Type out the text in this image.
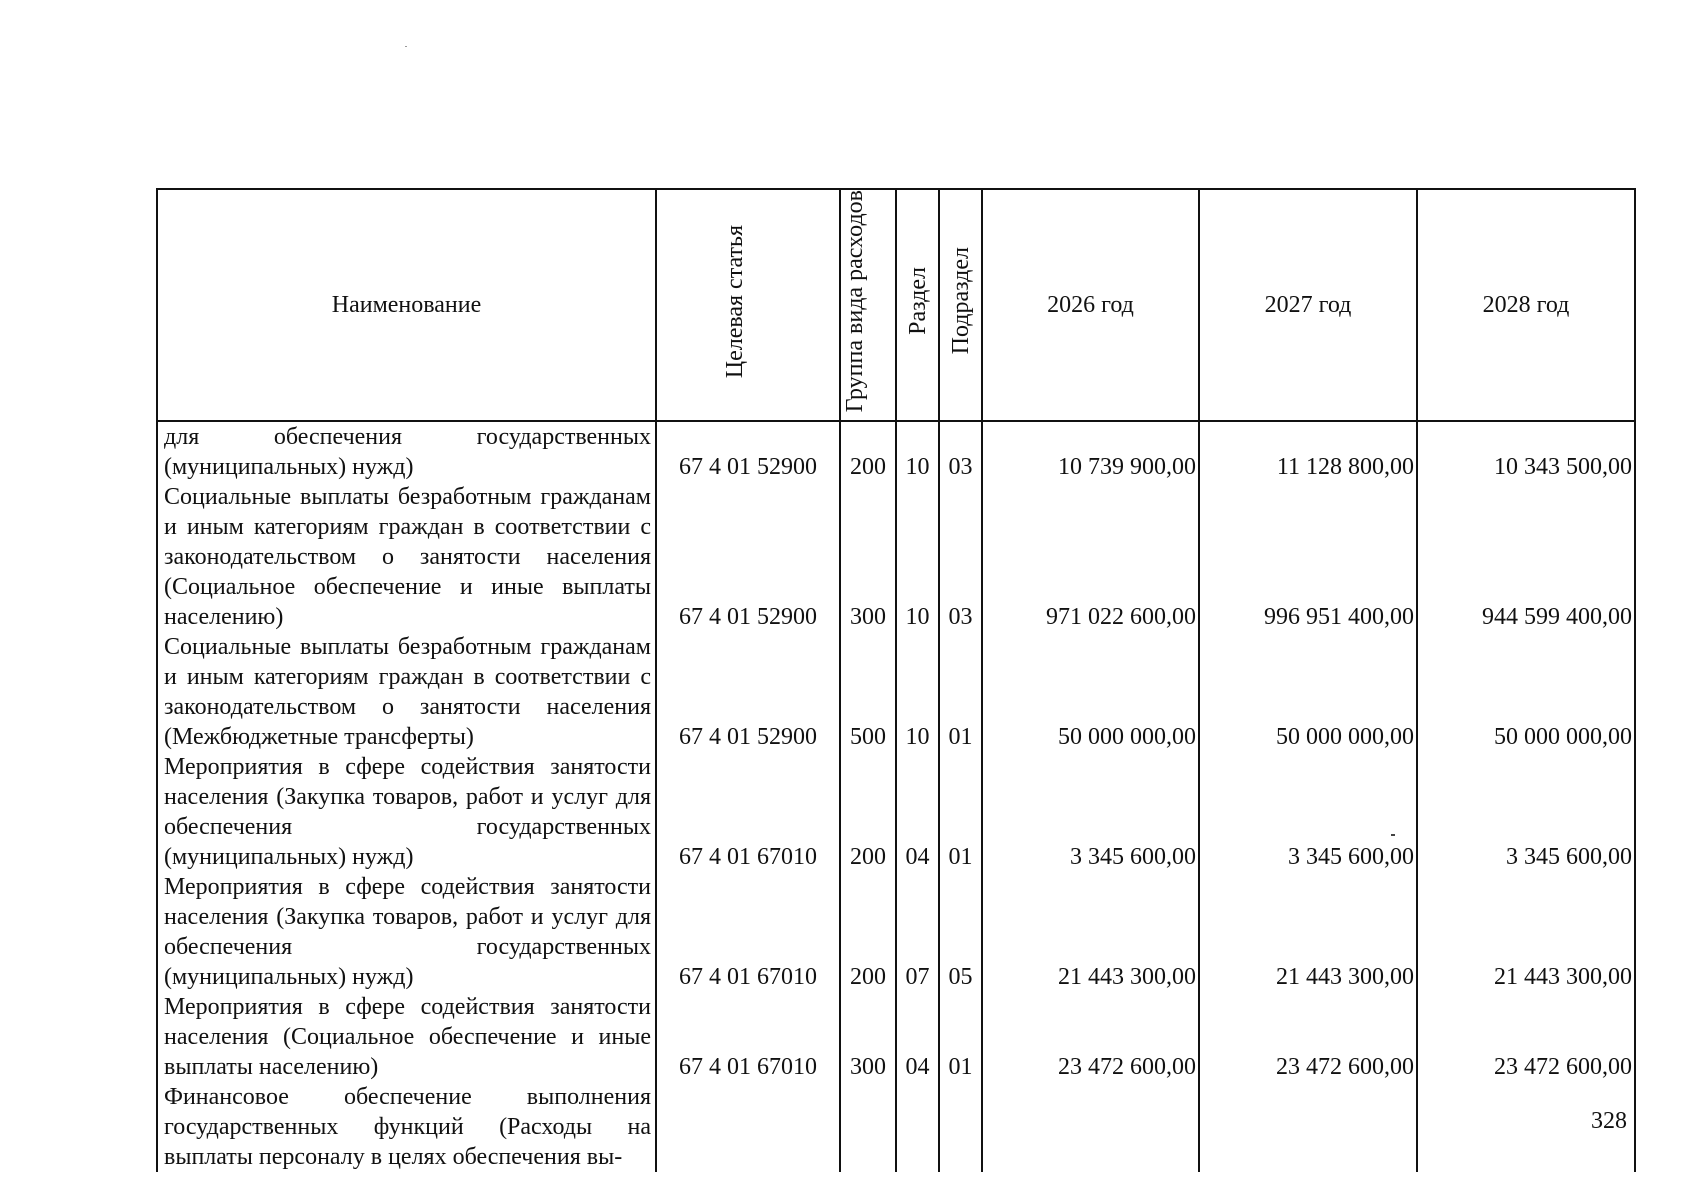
Наименование	Целевая статья	Группа вида расходов	Раздел	Подраздел	2026 год	2027 год	2028 год
для обеспечения государственных (муниципальных) нужд)	67 4 01 52900	200	10	03	10 739 900,00	11 128 800,00	10 343 500,00
Социальные выплаты безработным гражданам и иным категориям граждан в соответствии с законодательством о занятости населения (Социальное обеспечение и иные выплаты населению)	67 4 01 52900	300	10	03	971 022 600,00	996 951 400,00	944 599 400,00
Социальные выплаты безработным гражданам и иным категориям граждан в соответствии с законодательством о занятости населения (Межбюджетные трансферты)	67 4 01 52900	500	10	01	50 000 000,00	50 000 000,00	50 000 000,00
Мероприятия в сфере содействия занятости населения (Закупка товаров, работ и услуг для обеспечения государственных (муниципальных) нужд)	67 4 01 67010	200	04	01	3 345 600,00	3 345 600,00	3 345 600,00
Мероприятия в сфере содействия занятости населения (Закупка товаров, работ и услуг для обеспечения государственных (муниципальных) нужд)	67 4 01 67010	200	07	05	21 443 300,00	21 443 300,00	21 443 300,00
Мероприятия в сфере содействия занятости населения (Социальное обеспечение и иные выплаты населению)	67 4 01 67010	300	04	01	23 472 600,00	23 472 600,00	23 472 600,00
Финансовое обеспечение выполнения государственных функций (Расходы на выплаты персоналу в целях обеспечения вы-							
328
